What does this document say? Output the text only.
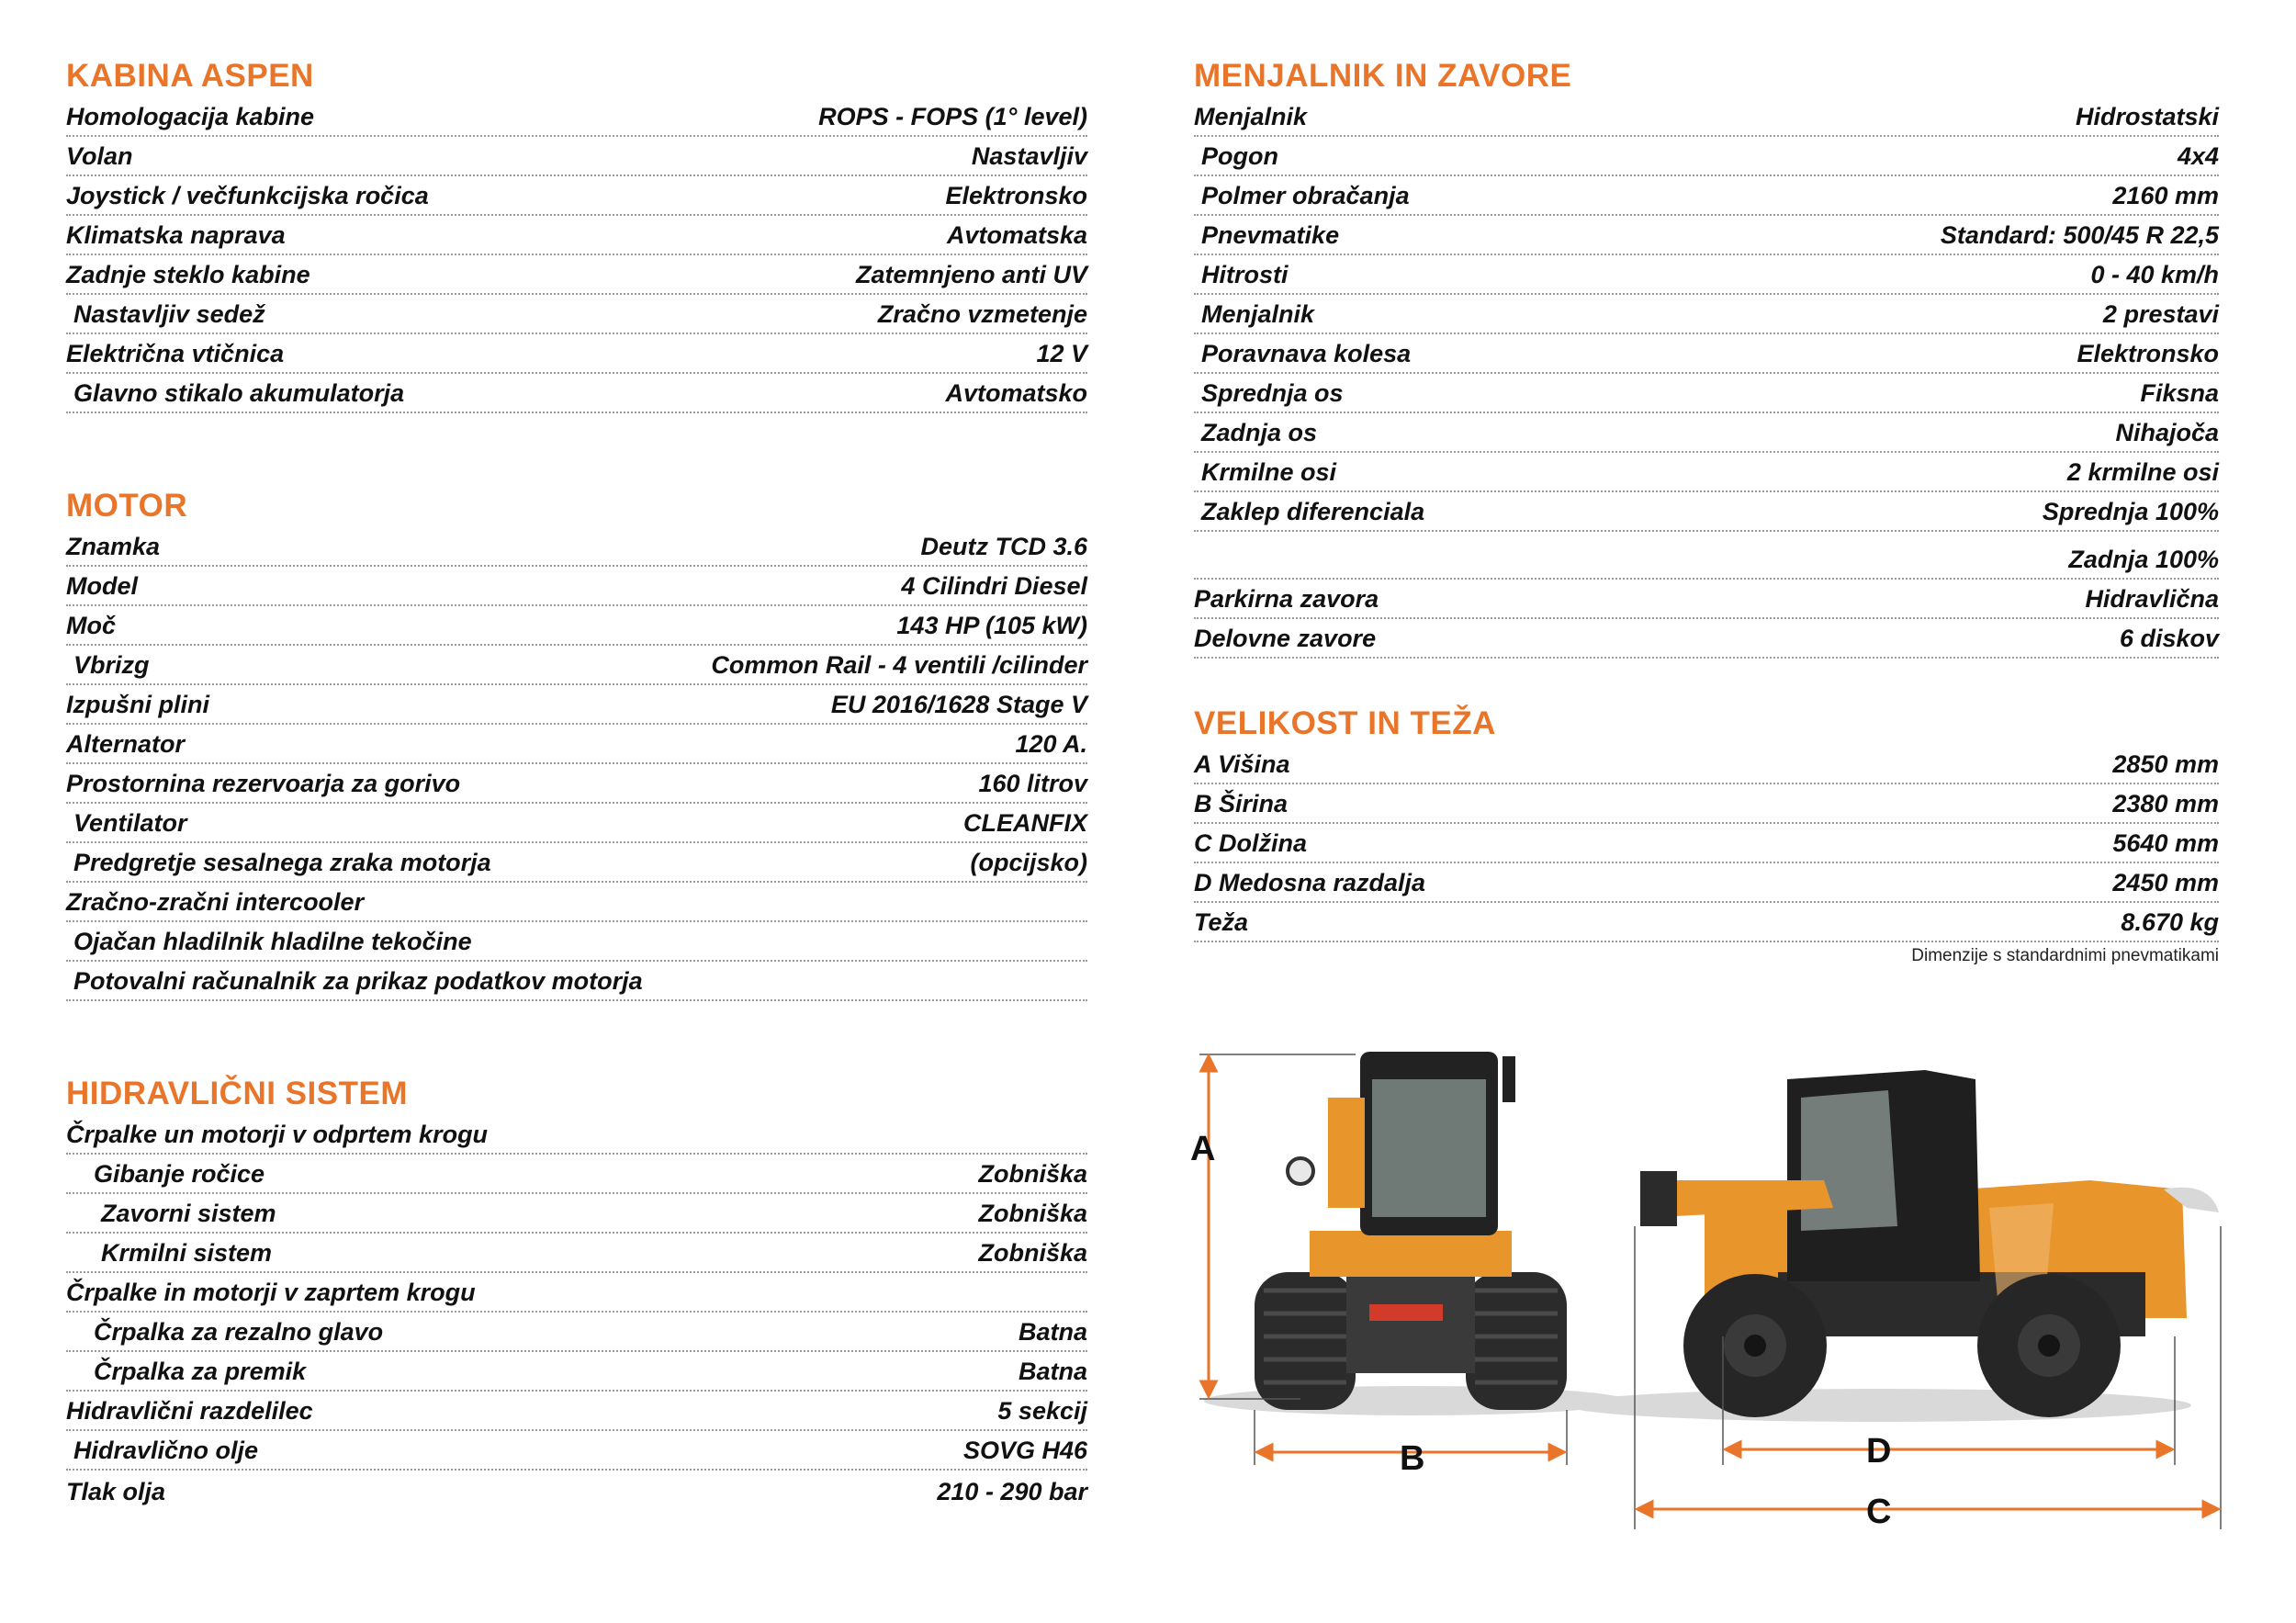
KABINA ASPEN
Homologacija kabine	ROPS - FOPS (1° level)
Volan	Nastavljiv
Joystick / večfunkcijska ročica	Elektronsko
Klimatska naprava	Avtomatska
Zadnje steklo kabine	Zatemnjeno anti UV
Nastavljiv sedež	Zračno vzmetenje
Električna vtičnica	12 V
Glavno stikalo akumulatorja	Avtomatsko
MOTOR
Znamka	Deutz TCD 3.6
Model	4 Cilindri Diesel
Moč	143 HP (105 kW)
Vbrizg	Common Rail - 4 ventili /cilinder
Izpušni plini	EU 2016/1628 Stage V
Alternator	120 A.
Prostornina rezervoarja za gorivo	160 litrov
Ventilator	CLEANFIX
Predgretje sesalnega zraka motorja	(opcijsko)
Zračno-zračni intercooler
Ojačan hladilnik hladilne tekočine
Potovalni računalnik za prikaz podatkov motorja
HIDRAVLIČNI SISTEM
Črpalke un motorji v odprtem krogu
Gibanje ročice	Zobniška
Zavorni sistem	Zobniška
Krmilni sistem	Zobniška
Črpalke in motorji v zaprtem krogu
Črpalka za rezalno glavo	Batna
Črpalka za premik	Batna
Hidravlični razdelilec	5 sekcij
Hidravlično olje	SOVG H46
Tlak olja	210 - 290 bar
MENJALNIK IN ZAVORE
Menjalnik	Hidrostatski
Pogon	4x4
Polmer obračanja	2160 mm
Pnevmatike	Standard: 500/45 R 22,5
Hitrosti	0 - 40 km/h
Menjalnik	2 prestavi
Poravnava kolesa	Elektronsko
Sprednja os	Fiksna
Zadnja os	Nihajoča
Krmilne osi	2 krmilne osi
Zaklep diferenciala	Sprednja 100%
Zadnja 100%
Parkirna zavora	Hidravlična
Delovne zavore	6 diskov
VELIKOST IN TEŽA
A Višina	2850 mm
B Širina	2380 mm
C Dolžina	5640 mm
D Medosna razdalja	2450 mm
Teža	8.670 kg
Dimenzije s standardnimi pnevmatikami
A
B	D
C
